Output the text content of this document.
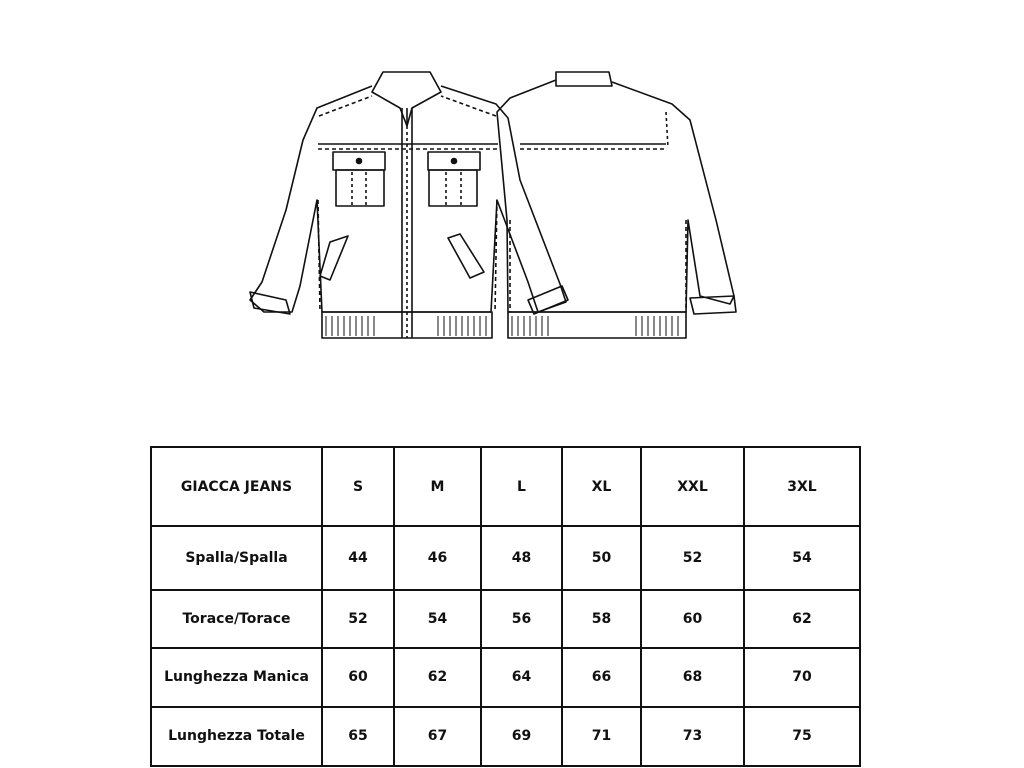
GIACCA JEANS	S	M	L	XL	XXL	3XL
Spalla/Spalla	44	46	48	50	52	54
Torace/Torace	52	54	56	58	60	62
Lunghezza Manica	60	62	64	66	68	70
Lunghezza Totale	65	67	69	71	73	75
